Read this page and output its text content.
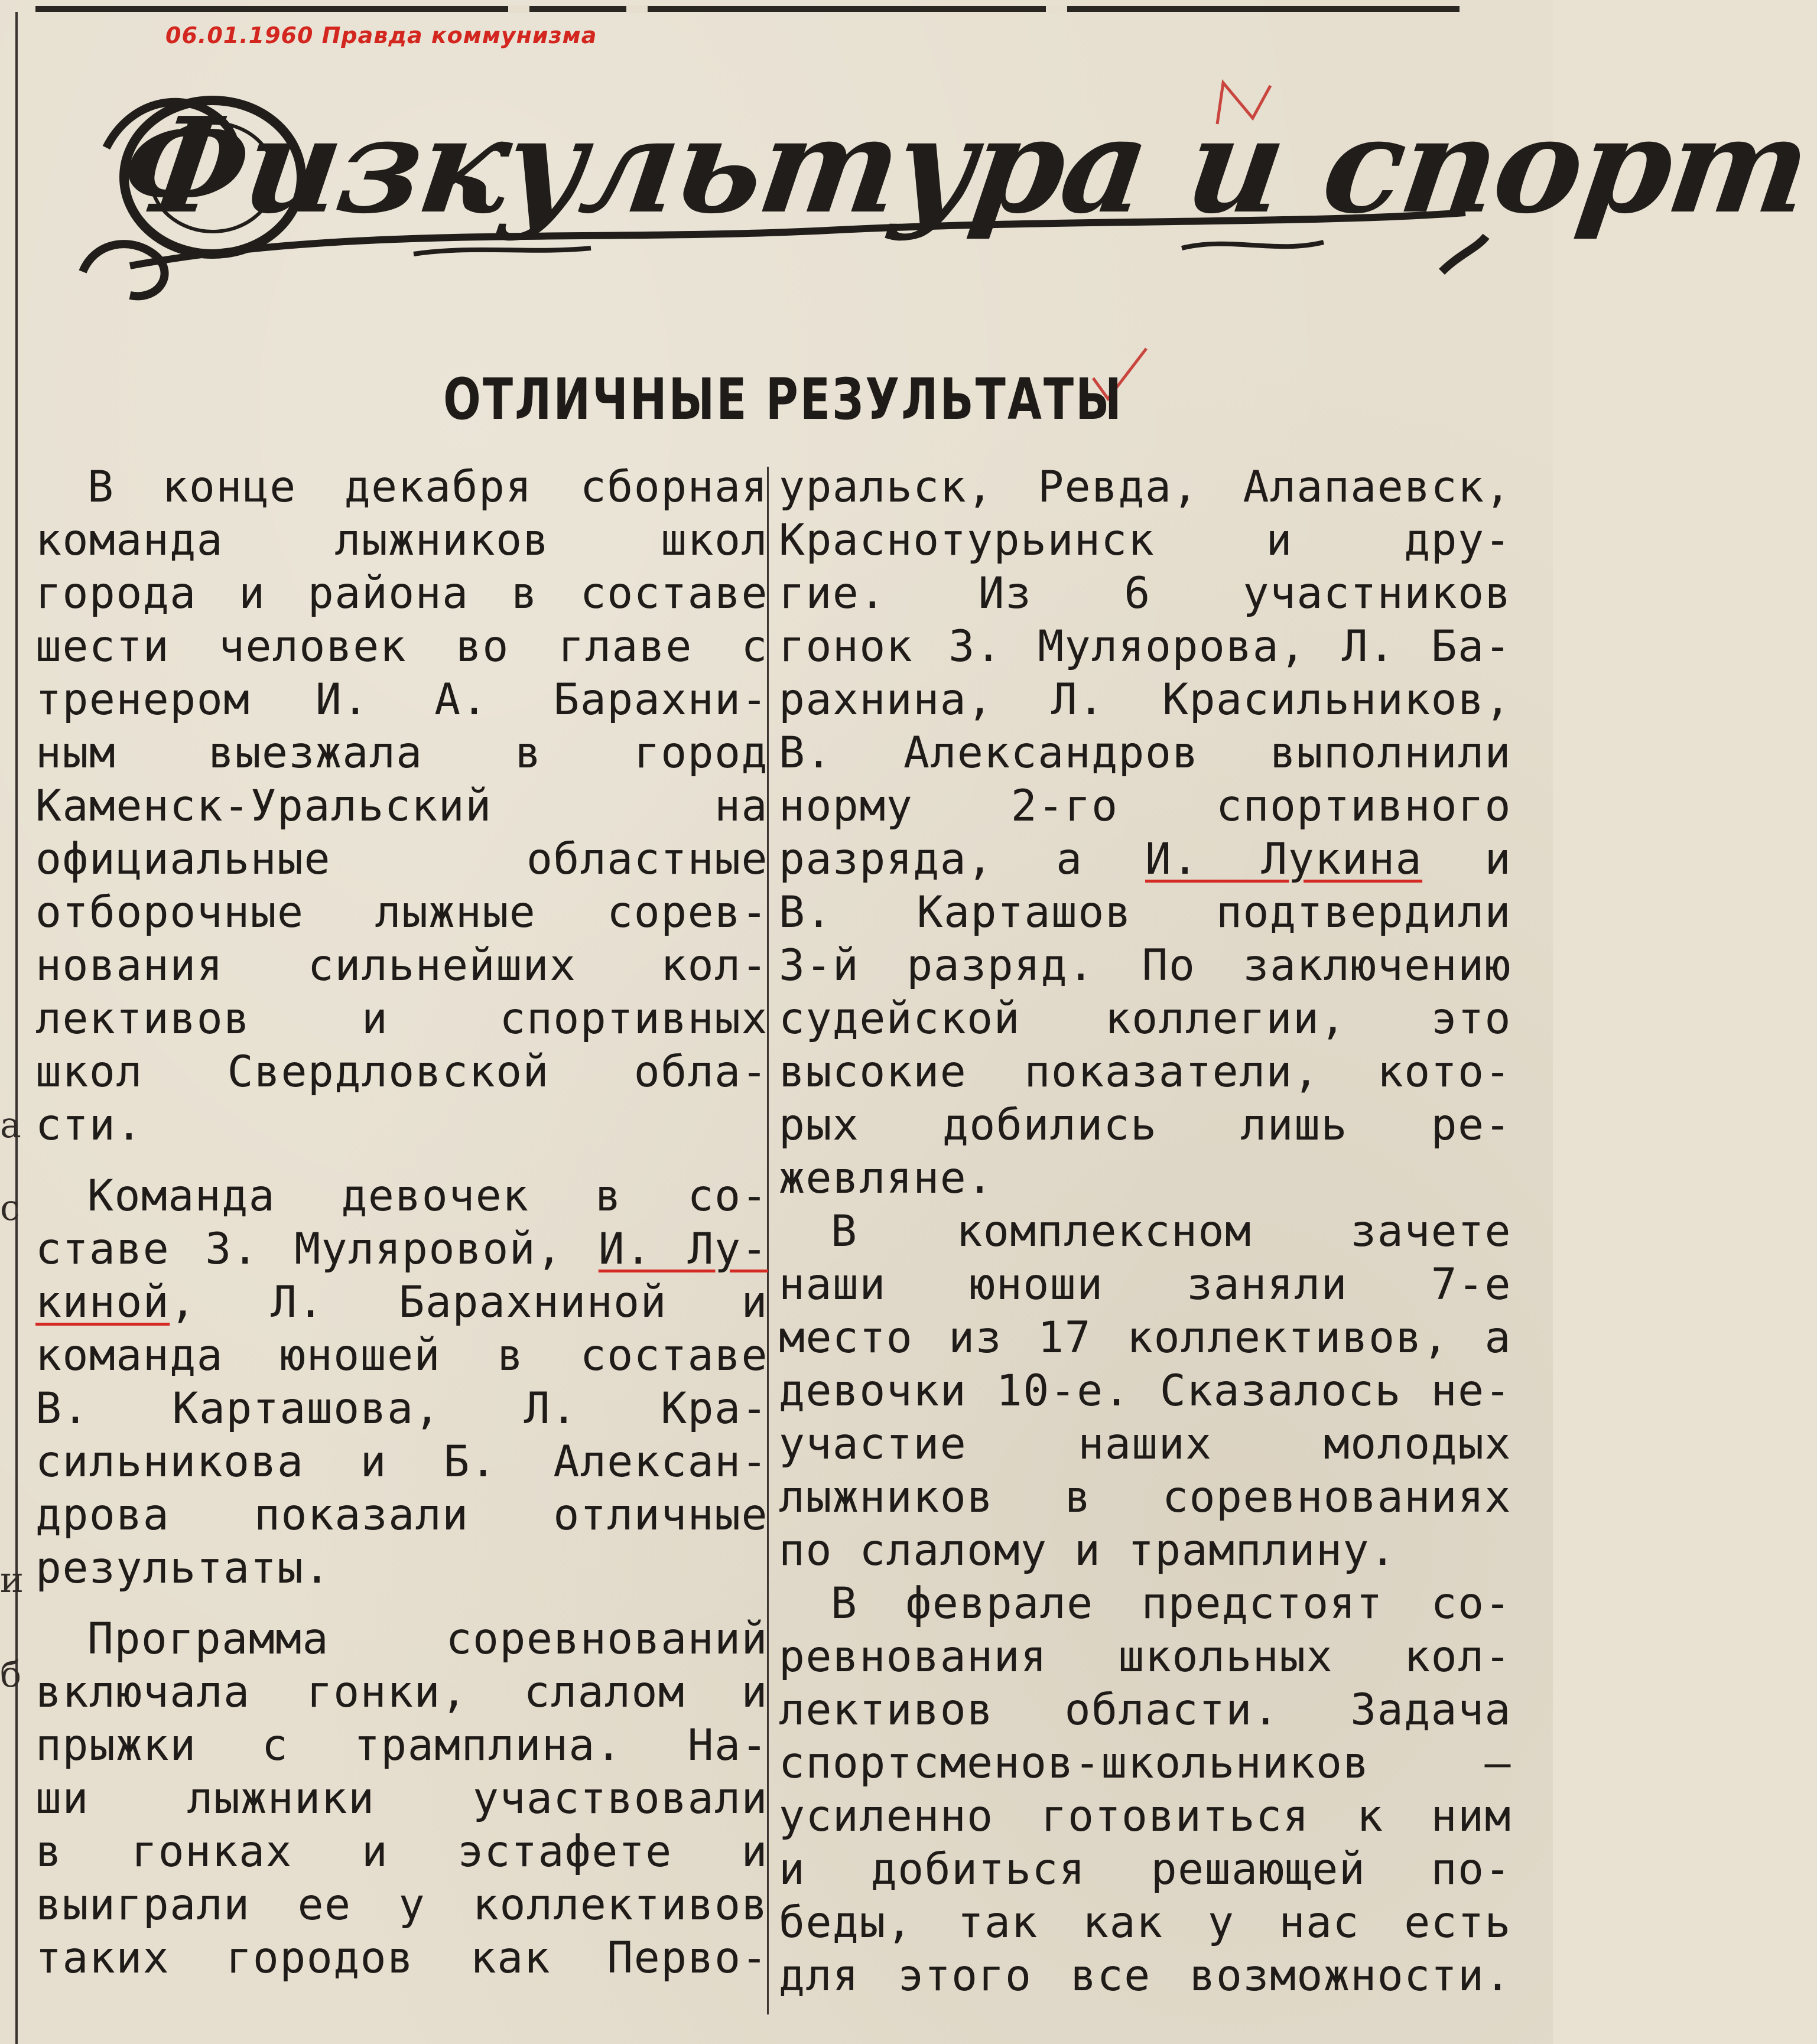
а
с
и
б
06.01.1960 Правда коммунизма
Физкультура и спорт
ОТЛИЧНЫЕ РЕЗУЛЬТАТЫ
В конце декабря сборная
команда лыжников школ
города и района в составе
шести человек во главе с
тренером И. А. Барахни-
ным выезжала в город
Каменск-Уральский на
официальные областные
отборочные лыжные сорев-
нования сильнейших кол-
лективов и спортивных
школ Свердловской обла-
сти.
Команда девочек в со-
ставе З. Муляровой, И. Лу-
киной, Л. Барахниной и
команда юношей в составе
В. Карташова, Л. Кра-
сильникова и Б. Алексан-
дрова показали отличные
результаты.
Программа соревнований
включала гонки, слалом и
прыжки с трамплина. На-
ши лыжники участвовали
в гонках и эстафете и
выиграли ее у коллективов
таких городов как Перво-
уральск, Ревда, Алапаевск,
Краснотурьинск и дру-
гие. Из 6 участников
гонок З. Муляорова, Л. Ба-
рахнина, Л. Красильников,
В. Александров выполнили
норму 2-го спортивного
разряда, а И. Лукина и
В. Карташов подтвердили
3-й разряд. По заключению
судейской коллегии, это
высокие показатели, кото-
рых добились лишь ре-
жевляне.
В комплексном зачете
наши юноши заняли 7-е
место из 17 коллективов, а
девочки 10-е. Сказалось не-
участие наших молодых
лыжников в соревнованиях
по слалому и трамплину.
В феврале предстоят со-
ревнования школьных кол-
лективов области. Задача
спортсменов-школьников —
усиленно готовиться к ним
и добиться решающей по-
беды, так как у нас есть
для этого все возможности.
